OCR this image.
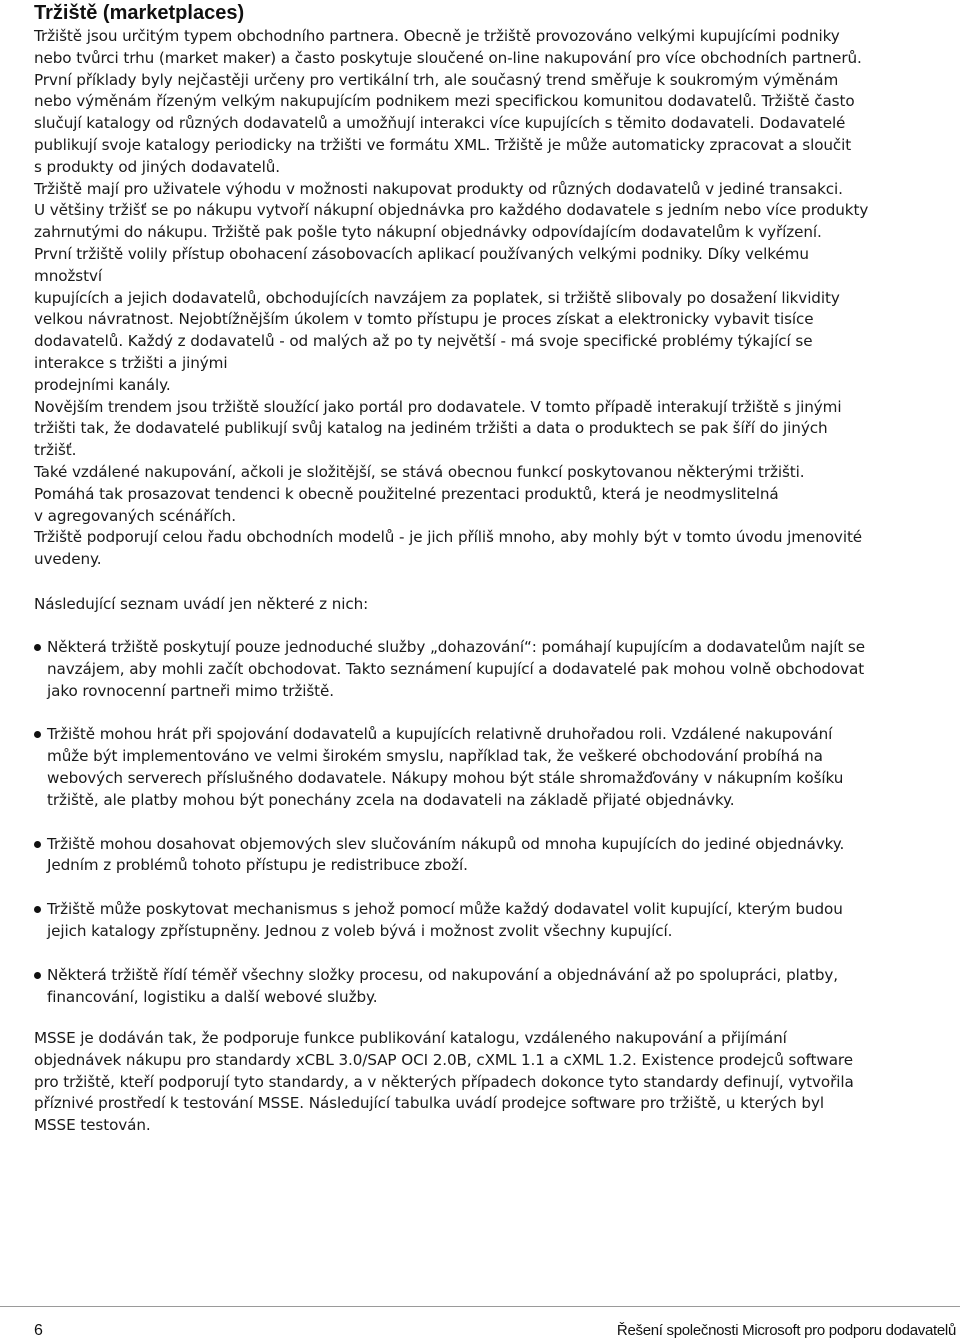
Tržiště (marketplaces)
Tržiště jsou určitým typem obchodního partnera. Obecně je tržiště provozováno velkými kupujícími podniky
nebo tvůrci trhu (market maker) a často poskytuje sloučené on-line nakupování pro více obchodních partnerů.
První příklady byly nejčastěji určeny pro vertikální trh, ale současný trend směřuje k soukromým výměnám
nebo výměnám řízeným velkým nakupujícím podnikem mezi specifickou komunitou dodavatelů. Tržiště často
slučují katalogy od různých dodavatelů a umožňují interakci více kupujících s těmito dodavateli. Dodavatelé
publikují svoje katalogy periodicky na tržišti ve formátu XML. Tržiště je může automaticky zpracovat a sloučit
s produkty od jiných dodavatelů.
Tržiště mají pro uživatele výhodu v možnosti nakupovat produkty od různých dodavatelů v jediné transakci.
U většiny tržišť se po nákupu vytvoří nákupní objednávka pro každého dodavatele s jedním nebo více produkty
zahrnutými do nákupu. Tržiště pak pošle tyto nákupní objednávky odpovídajícím dodavatelům k vyřízení.
První tržiště volily přístup obohacení zásobovacích aplikací používaných velkými podniky. Díky velkému
množství
kupujících a jejich dodavatelů, obchodujících navzájem za poplatek, si tržiště slibovaly po dosažení likvidity
velkou návratnost. Nejobtížnějším úkolem v tomto přístupu je proces získat a elektronicky vybavit tisíce
dodavatelů. Každý z dodavatelů - od malých až po ty největší - má svoje specifické problémy týkající se
interakce s tržišti a jinými
prodejními kanály.
Novějším trendem jsou tržiště sloužící jako portál pro dodavatele. V tomto případě interakují tržiště s jinými
tržišti tak, že dodavatelé publikují svůj katalog na jediném tržišti a data o produktech se pak šíří do jiných
tržišť.
Také vzdálené nakupování, ačkoli je složitější, se stává obecnou funkcí poskytovanou některými tržišti.
Pomáhá tak prosazovat tendenci k obecně použitelné prezentaci produktů, která je neodmyslitelná
v agregovaných scénářích.
Tržiště podporují celou řadu obchodních modelů - je jich příliš mnoho, aby mohly být v tomto úvodu jmenovité
uvedeny.
Následující seznam uvádí jen některé z nich:
Některá tržiště poskytují pouze jednoduché služby „dohazování“: pomáhají kupujícím a dodavatelům najít se
navzájem, aby mohli začít obchodovat. Takto seznámení kupující a dodavatelé pak mohou volně obchodovat
jako rovnocenní partneři mimo tržiště.
Tržiště mohou hrát při spojování dodavatelů a kupujících relativně druhořadou roli. Vzdálené nakupování
může být implementováno ve velmi širokém smyslu, například tak, že veškeré obchodování probíhá na
webových serverech příslušného dodavatele. Nákupy mohou být stále shromažďovány v nákupním košíku
tržiště, ale platby mohou být ponechány zcela na dodavateli na základě přijaté objednávky.
Tržiště mohou dosahovat objemových slev slučováním nákupů od mnoha kupujících do jediné objednávky.
Jedním z problémů tohoto přístupu je redistribuce zboží.
Tržiště může poskytovat mechanismus s jehož pomocí může každý dodavatel volit kupující, kterým budou
jejich katalogy zpřístupněny. Jednou z voleb bývá i možnost zvolit všechny kupující.
Některá tržiště řídí téměř všechny složky procesu, od nakupování a objednávání až po spolupráci, platby,
financování, logistiku a další webové služby.
MSSE je dodáván tak, že podporuje funkce publikování katalogu, vzdáleného nakupování a přijímání
objednávek nákupu pro standardy xCBL 3.0/SAP OCI 2.0B, cXML 1.1 a cXML 1.2. Existence prodejců software
pro tržiště, kteří podporují tyto standardy, a v některých případech dokonce tyto standardy definují, vytvořila
příznivé prostředí k testování MSSE. Následující tabulka uvádí prodejce software pro tržiště, u kterých byl
MSSE testován.
6	Řešení společnosti Microsoft pro podporu dodavatelů
